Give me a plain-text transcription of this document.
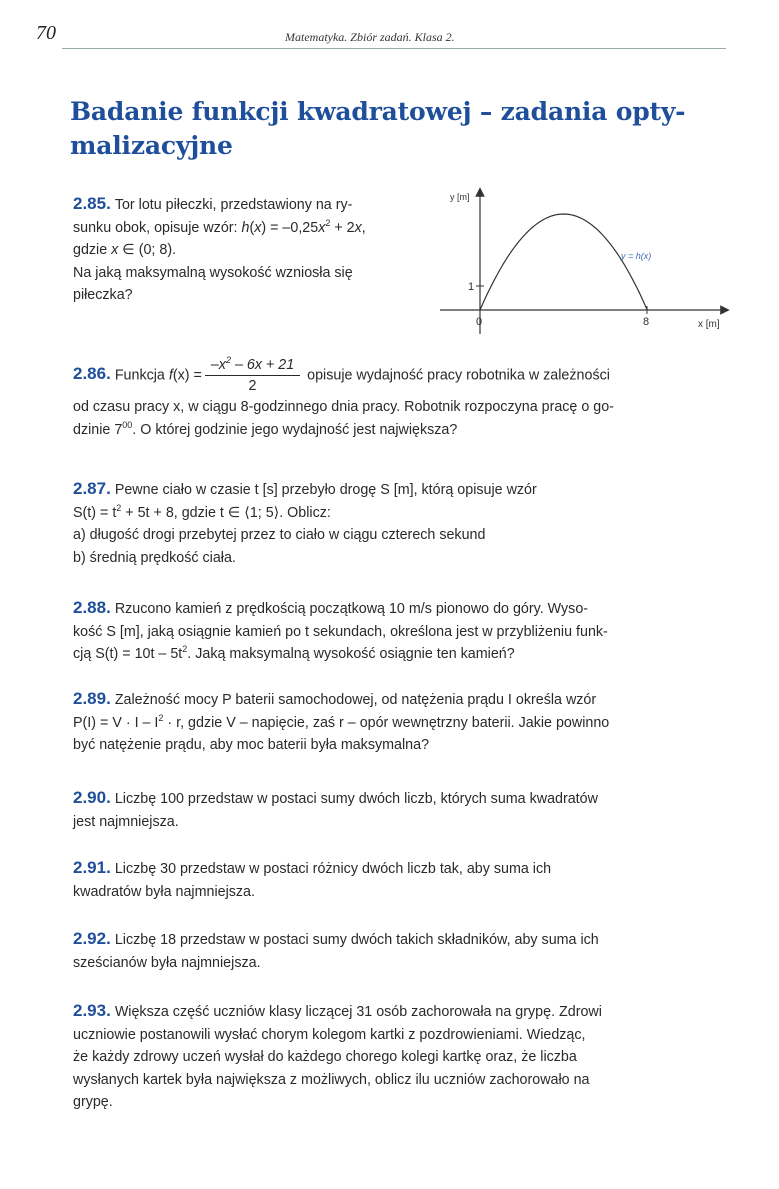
70	Matematyka. Zbiór zadań. Klasa 2.
Badanie funkcji kwadratowej – zadania optymalizacyjne

2.85. Tor lotu piłeczki, przedstawiony na ry-

sunku obok, opisuje wzór: $h(x) = -0,25x^2 + 2x$,

gdzie x ∈ (0; 8).

Na jaką maksymalną wysokość wzniosła się

piłeczka?

y [m]
x [m]
y = h(x)
1
8
0

2.86. Funkcja $f(x) = \frac{-x^2 - 6x + 21}{2}$ opisuje wydajność pracy robotnika w zależności

od czasu pracy x, w ciągu 8-godzinnego dnia pracy. Robotnik rozpoczyna pracę o go-

dzinie $7^{00}$. O której godzinie jego wydajność jest największa?

2.87. Pewne ciało w czasie t [s] przebyło drogę S [m], którą opisuje wzór

$S(t) = t^2 + 5t + 8$, gdzie t ∈ ⟨1; 5⟩. Oblicz:

a) długość drogi przebytej przez to ciało w ciągu czterech sekund

b) średnią prędkość ciała.

2.88. Rzucono kamień z prędkością początkową 10 m/s pionowo do góry. Wyso-

kość S [m], jaką osiągnie kamień po t sekundach, określona jest w przybliżeniu funk-

cją $S(t) = 10t - 5t^2$. Jaką maksymalną wysokość osiągnie ten kamień?

2.89. Zależność mocy P baterii samochodowej, od natężenia prądu I określa wzór

$P(I) = V \cdot I - I^2 \cdot r$, gdzie V – napięcie, zaś r – opór wewnętrzny baterii. Jakie powinno

być natężenie prądu, aby moc baterii była maksymalna?

2.90. Liczbę 100 przedstaw w postaci sumy dwóch liczb, których suma kwadratów

jest najmniejsza.

2.91. Liczbę 30 przedstaw w postaci różnicy dwóch liczb tak, aby suma ich

kwadratów była najmniejsza.

2.92. Liczbę 18 przedstaw w postaci sumy dwóch takich składników, aby suma ich

sześcianów była najmniejsza.

2.93. Większa część uczniów klasy liczącej 31 osób zachorowała na grypę. Zdrowi

uczniowie postanowili wysłać chorym kolegom kartki z pozdrowieniami. Wiedząc,

że każdy zdrowy uczeń wysłał do każdego chorego kolegi kartkę oraz, że liczba

wysłanych kartek była największa z możliwych, oblicz ilu uczniów zachorowało na

grypę.
